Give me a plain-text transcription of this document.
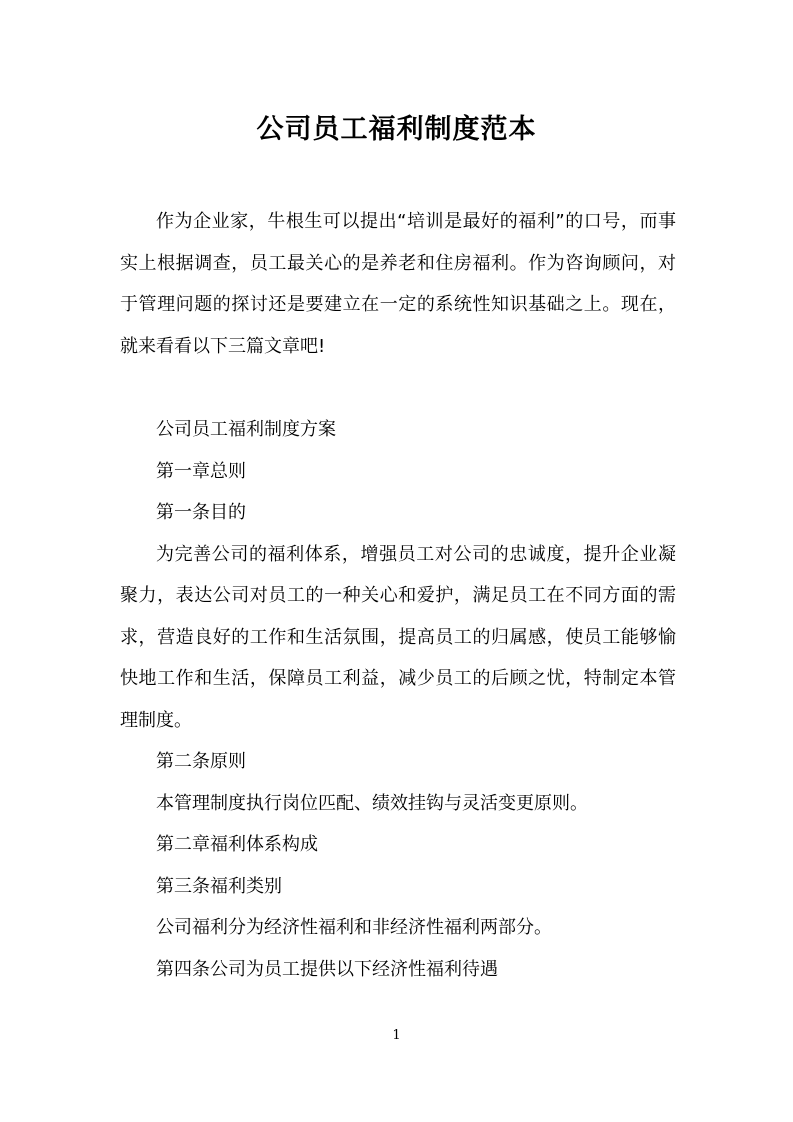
公司员工福利制度范本
作为企业家，牛根生可以提出“培训是最好的福利”的口号，而事实上根据调查，员工最关心的是养老和住房福利。作为咨询顾问，对于管理问题的探讨还是要建立在一定的系统性知识基础之上。现在，就来看看以下三篇文章吧!

公司员工福利制度方案

第一章总则

第一条目的

为完善公司的福利体系，增强员工对公司的忠诚度，提升企业凝聚力，表达公司对员工的一种关心和爱护，满足员工在不同方面的需求，营造良好的工作和生活氛围，提高员工的归属感，使员工能够愉快地工作和生活，保障员工利益，减少员工的后顾之忧，特制定本管理制度。

第二条原则

本管理制度执行岗位匹配、绩效挂钩与灵活变更原则。

第二章福利体系构成

第三条福利类别

公司福利分为经济性福利和非经济性福利两部分。

第四条公司为员工提供以下经济性福利待遇

1
